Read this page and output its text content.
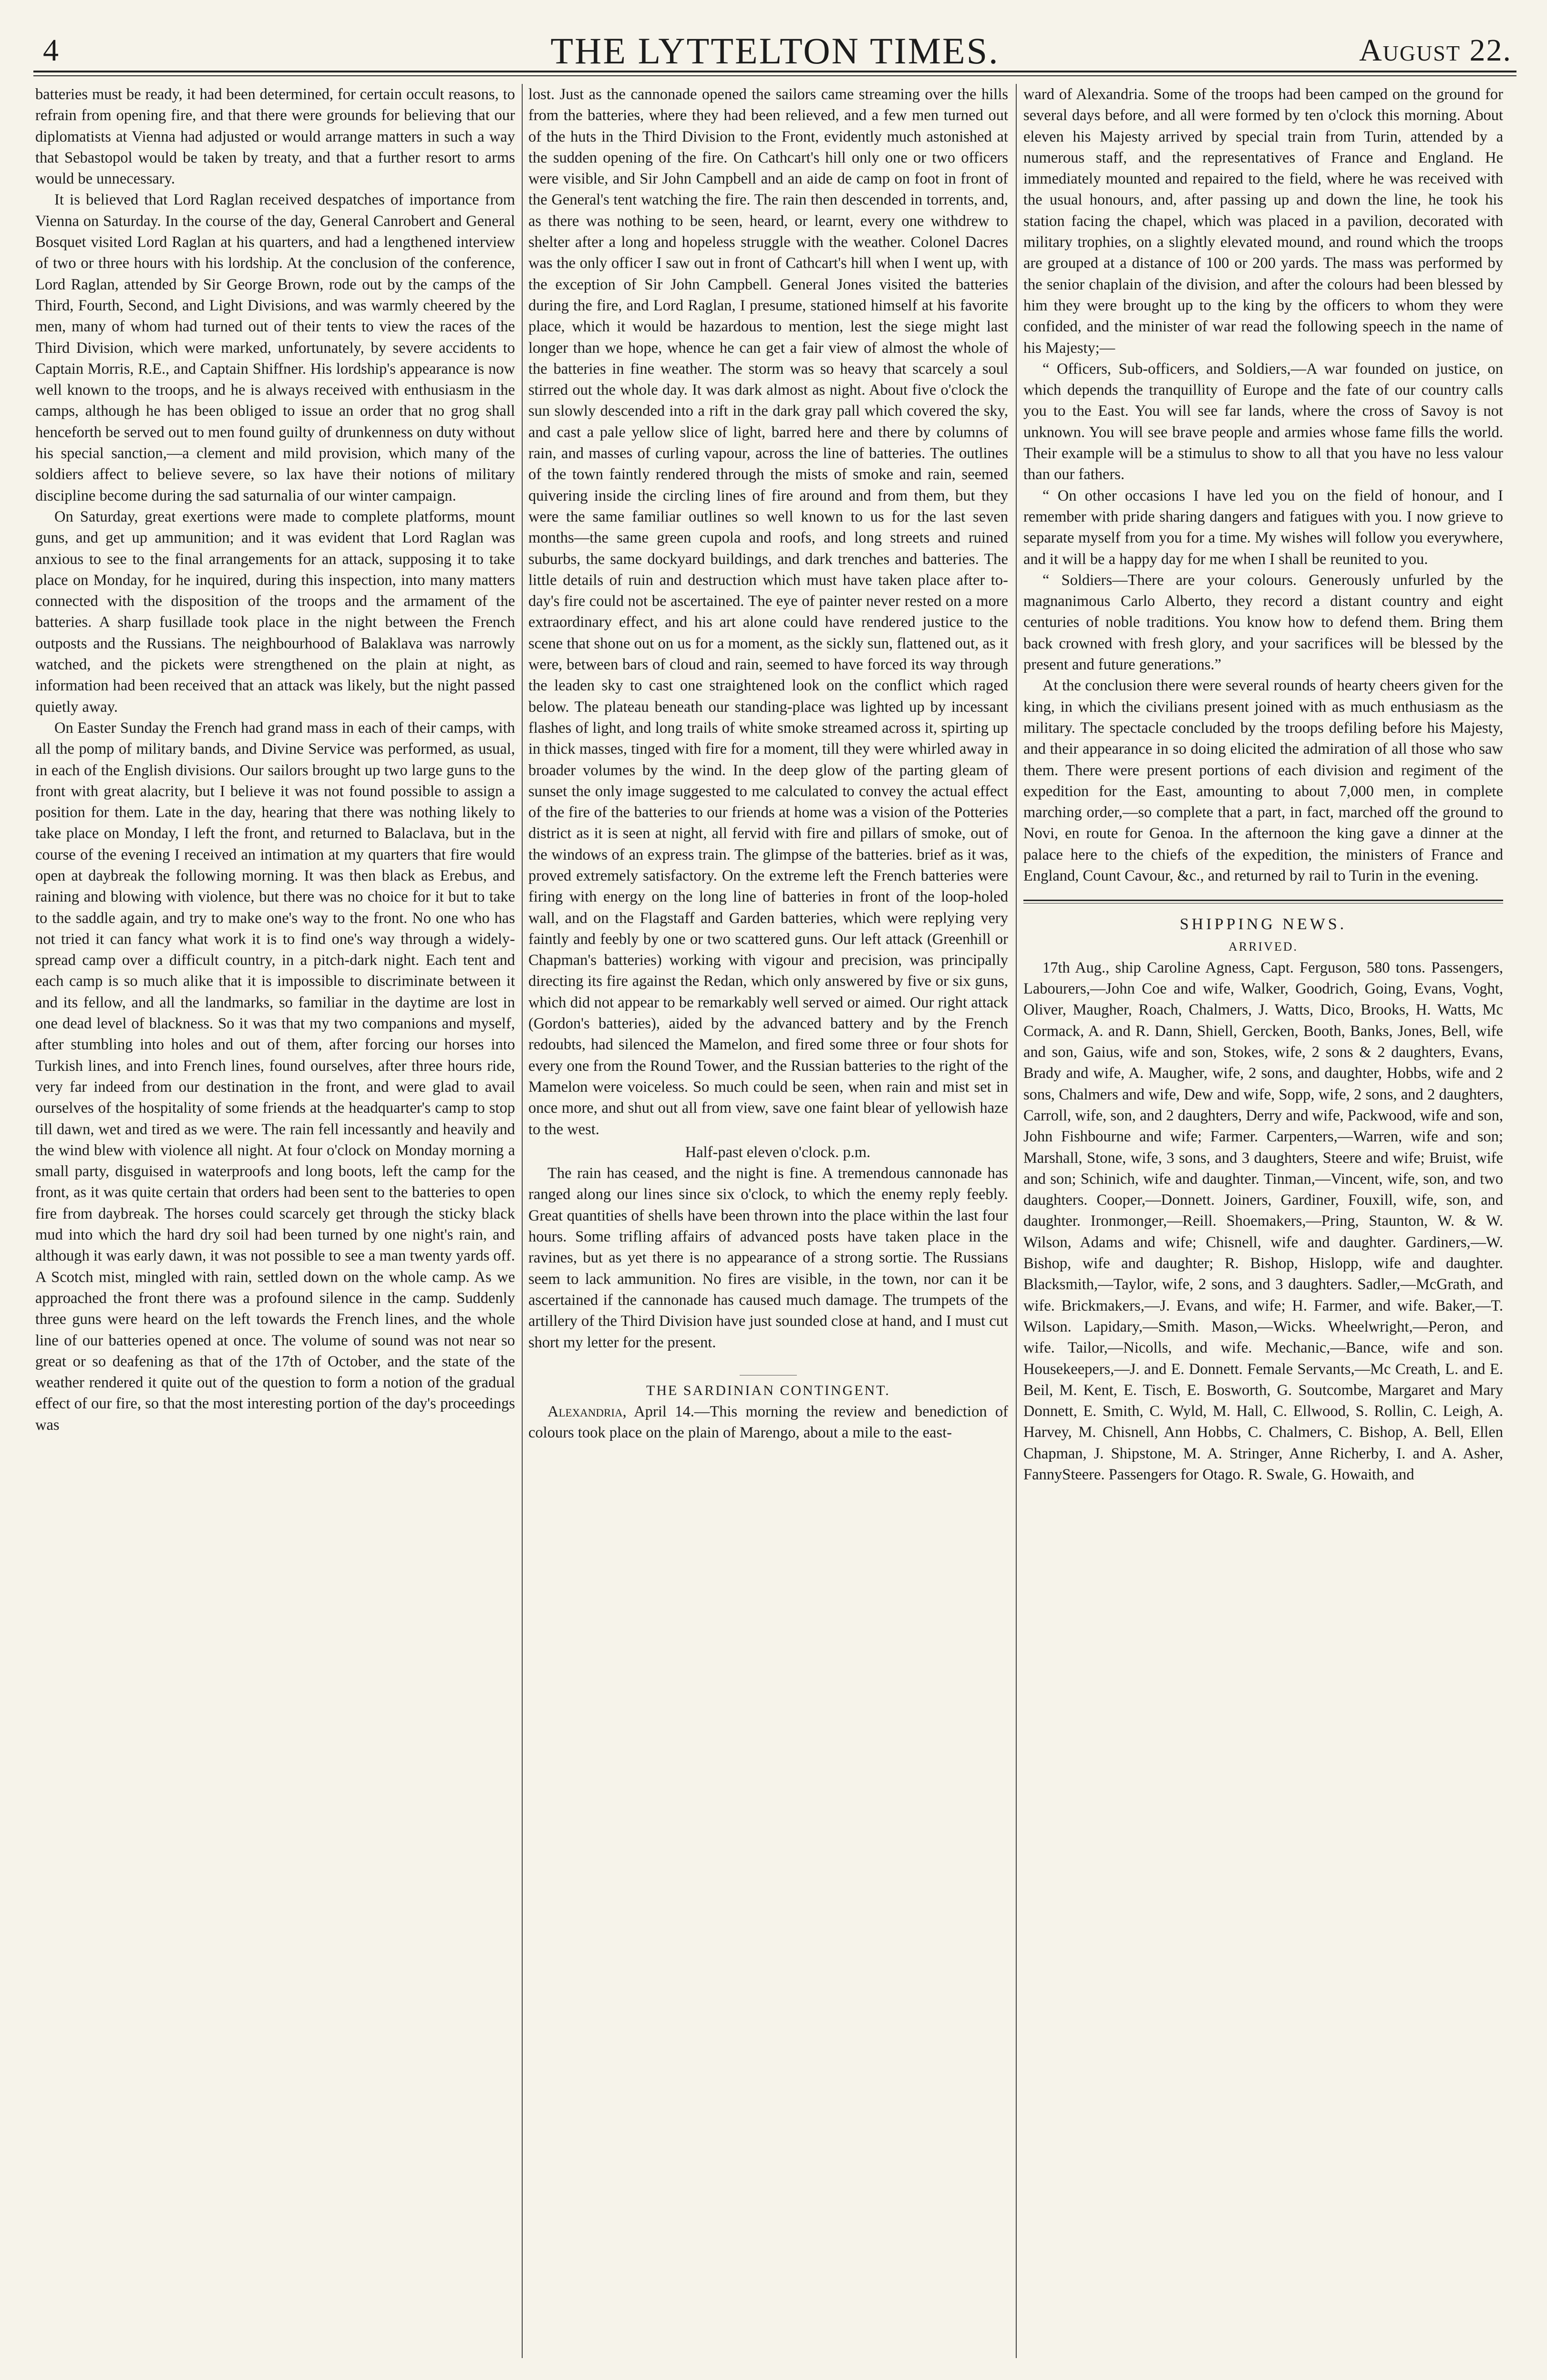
4	THE LYTTELTON TIMES.	August 22.

batteries must be ready, it had been determined, for certain occult reasons, to refrain from opening fire, and that there were grounds for believing that our diplomatists at Vienna had adjusted or would arrange matters in such a way that Sebastopol would be taken by treaty, and that a further resort to arms would be unnecessary.

It is believed that Lord Raglan received despatches of importance from Vienna on Saturday. In the course of the day, General Canrobert and General Bosquet visited Lord Raglan at his quarters, and had a lengthened interview of two or three hours with his lordship. At the conclusion of the conference, Lord Raglan, attended by Sir George Brown, rode out by the camps of the Third, Fourth, Second, and Light Divisions, and was warmly cheered by the men, many of whom had turned out of their tents to view the races of the Third Division, which were marked, unfortunately, by severe accidents to Captain Morris, R.E., and Captain Shiffner. His lordship's appearance is now well known to the troops, and he is always received with enthusiasm in the camps, although he has been obliged to issue an order that no grog shall henceforth be served out to men found guilty of drunkenness on duty without his special sanction,—a clement and mild provision, which many of the soldiers affect to believe severe, so lax have their notions of military discipline become during the sad saturnalia of our winter campaign.

On Saturday, great exertions were made to complete platforms, mount guns, and get up ammunition; and it was evident that Lord Raglan was anxious to see to the final arrangements for an attack, supposing it to take place on Monday, for he inquired, during this inspection, into many matters connected with the disposition of the troops and the armament of the batteries. A sharp fusillade took place in the night between the French outposts and the Russians. The neighbourhood of Balaklava was narrowly watched, and the pickets were strengthened on the plain at night, as information had been received that an attack was likely, but the night passed quietly away.

On Easter Sunday the French had grand mass in each of their camps, with all the pomp of military bands, and Divine Service was performed, as usual, in each of the English divisions. Our sailors brought up two large guns to the front with great alacrity, but I believe it was not found possible to assign a position for them. Late in the day, hearing that there was nothing likely to take place on Monday, I left the front, and returned to Balaclava, but in the course of the evening I received an intimation at my quarters that fire would open at daybreak the following morning. It was then black as Erebus, and raining and blowing with violence, but there was no choice for it but to take to the saddle again, and try to make one's way to the front. No one who has not tried it can fancy what work it is to find one's way through a widely-spread camp over a difficult country, in a pitch-dark night. Each tent and each camp is so much alike that it is impossible to discriminate between it and its fellow, and all the landmarks, so familiar in the daytime are lost in one dead level of blackness. So it was that my two companions and myself, after stumbling into holes and out of them, after forcing our horses into Turkish lines, and into French lines, found ourselves, after three hours ride, very far indeed from our destination in the front, and were glad to avail ourselves of the hospitality of some friends at the headquarter's camp to stop till dawn, wet and tired as we were. The rain fell incessantly and heavily and the wind blew with violence all night. At four o'clock on Monday morning a small party, disguised in waterproofs and long boots, left the camp for the front, as it was quite certain that orders had been sent to the batteries to open fire from daybreak. The horses could scarcely get through the sticky black mud into which the hard dry soil had been turned by one night's rain, and although it was early dawn, it was not possible to see a man twenty yards off. A Scotch mist, mingled with rain, settled down on the whole camp. As we approached the front there was a profound silence in the camp. Suddenly three guns were heard on the left towards the French lines, and the whole line of our batteries opened at once. The volume of sound was not near so great or so deafening as that of the 17th of October, and the state of the weather rendered it quite out of the question to form a notion of the gradual effect of our fire, so that the most interesting portion of the day's proceedings was

lost. Just as the cannonade opened the sailors came streaming over the hills from the batteries, where they had been relieved, and a few men turned out of the huts in the Third Division to the Front, evidently much astonished at the sudden opening of the fire. On Cathcart's hill only one or two officers were visible, and Sir John Campbell and an aide de camp on foot in front of the General's tent watching the fire. The rain then descended in torrents, and, as there was nothing to be seen, heard, or learnt, every one withdrew to shelter after a long and hopeless struggle with the weather. Colonel Dacres was the only officer I saw out in front of Cathcart's hill when I went up, with the exception of Sir John Campbell. General Jones visited the batteries during the fire, and Lord Raglan, I presume, stationed himself at his favorite place, which it would be hazardous to mention, lest the siege might last longer than we hope, whence he can get a fair view of almost the whole of the batteries in fine weather. The storm was so heavy that scarcely a soul stirred out the whole day. It was dark almost as night. About five o'clock the sun slowly descended into a rift in the dark gray pall which covered the sky, and cast a pale yellow slice of light, barred here and there by columns of rain, and masses of curling vapour, across the line of batteries. The outlines of the town faintly rendered through the mists of smoke and rain, seemed quivering inside the circling lines of fire around and from them, but they were the same familiar outlines so well known to us for the last seven months—the same green cupola and roofs, and long streets and ruined suburbs, the same dockyard buildings, and dark trenches and batteries. The little details of ruin and destruction which must have taken place after to-day's fire could not be ascertained. The eye of painter never rested on a more extraordinary effect, and his art alone could have rendered justice to the scene that shone out on us for a moment, as the sickly sun, flattened out, as it were, between bars of cloud and rain, seemed to have forced its way through the leaden sky to cast one straightened look on the conflict which raged below. The plateau beneath our standing-place was lighted up by incessant flashes of light, and long trails of white smoke streamed across it, spirting up in thick masses, tinged with fire for a moment, till they were whirled away in broader volumes by the wind. In the deep glow of the parting gleam of sunset the only image suggested to me calculated to convey the actual effect of the fire of the batteries to our friends at home was a vision of the Potteries district as it is seen at night, all fervid with fire and pillars of smoke, out of the windows of an express train. The glimpse of the batteries. brief as it was, proved extremely satisfactory. On the extreme left the French batteries were firing with energy on the long line of batteries in front of the loop-holed wall, and on the Flagstaff and Garden batteries, which were replying very faintly and feebly by one or two scattered guns. Our left attack (Greenhill or Chapman's batteries) working with vigour and precision, was principally directing its fire against the Redan, which only answered by five or six guns, which did not appear to be remarkably well served or aimed. Our right attack (Gordon's batteries), aided by the advanced battery and by the French redoubts, had silenced the Mamelon, and fired some three or four shots for every one from the Round Tower, and the Russian batteries to the right of the Mamelon were voiceless. So much could be seen, when rain and mist set in once more, and shut out all from view, save one faint blear of yellowish haze to the west.

Half-past eleven o'clock. p.m.

The rain has ceased, and the night is fine. A tremendous cannonade has ranged along our lines since six o'clock, to which the enemy reply feebly. Great quantities of shells have been thrown into the place within the last four hours. Some trifling affairs of advanced posts have taken place in the ravines, but as yet there is no appearance of a strong sortie. The Russians seem to lack ammunition. No fires are visible, in the town, nor can it be ascertained if the cannonade has caused much damage. The trumpets of the artillery of the Third Division have just sounded close at hand, and I must cut short my letter for the present.

THE SARDINIAN CONTINGENT.

Alexandria, April 14.—This morning the review and benediction of colours took place on the plain of Marengo, about a mile to the east-

ward of Alexandria. Some of the troops had been camped on the ground for several days before, and all were formed by ten o'clock this morning. About eleven his Majesty arrived by special train from Turin, attended by a numerous staff, and the representatives of France and England. He immediately mounted and repaired to the field, where he was received with the usual honours, and, after passing up and down the line, he took his station facing the chapel, which was placed in a pavilion, decorated with military trophies, on a slightly elevated mound, and round which the troops are grouped at a distance of 100 or 200 yards. The mass was performed by the senior chaplain of the division, and after the colours had been blessed by him they were brought up to the king by the officers to whom they were confided, and the minister of war read the following speech in the name of his Majesty;—

“ Officers, Sub-officers, and Soldiers,—A war founded on justice, on which depends the tranquillity of Europe and the fate of our country calls you to the East. You will see far lands, where the cross of Savoy is not unknown. You will see brave people and armies whose fame fills the world. Their example will be a stimulus to show to all that you have no less valour than our fathers.

“ On other occasions I have led you on the field of honour, and I remember with pride sharing dangers and fatigues with you. I now grieve to separate myself from you for a time. My wishes will follow you everywhere, and it will be a happy day for me when I shall be reunited to you.

“ Soldiers—There are your colours. Generously unfurled by the magnanimous Carlo Alberto, they record a distant country and eight centuries of noble traditions. You know how to defend them. Bring them back crowned with fresh glory, and your sacrifices will be blessed by the present and future generations.”

At the conclusion there were several rounds of hearty cheers given for the king, in which the civilians present joined with as much enthusiasm as the military. The spectacle concluded by the troops defiling before his Majesty, and their appearance in so doing elicited the admiration of all those who saw them. There were present portions of each division and regiment of the expedition for the East, amounting to about 7,000 men, in complete marching order,—so complete that a part, in fact, marched off the ground to Novi, en route for Genoa. In the afternoon the king gave a dinner at the palace here to the chiefs of the expedition, the ministers of France and England, Count Cavour, &c., and returned by rail to Turin in the evening.

SHIPPING NEWS.

ARRIVED.

17th Aug., ship Caroline Agness, Capt. Ferguson, 580 tons. Passengers, Labourers,—John Coe and wife, Walker, Goodrich, Going, Evans, Voght, Oliver, Maugher, Roach, Chalmers, J. Watts, Dico, Brooks, H. Watts, Mc Cormack, A. and R. Dann, Shiell, Gercken, Booth, Banks, Jones, Bell, wife and son, Gaius, wife and son, Stokes, wife, 2 sons & 2 daughters, Evans, Brady and wife, A. Maugher, wife, 2 sons, and daughter, Hobbs, wife and 2 sons, Chalmers and wife, Dew and wife, Sopp, wife, 2 sons, and 2 daughters, Carroll, wife, son, and 2 daughters, Derry and wife, Packwood, wife and son, John Fishbourne and wife; Farmer. Carpenters,—Warren, wife and son; Marshall, Stone, wife, 3 sons, and 3 daughters, Steere and wife; Bruist, wife and son; Schinich, wife and daughter. Tinman,—Vincent, wife, son, and two daughters. Cooper,—Donnett. Joiners, Gardiner, Fouxill, wife, son, and daughter. Ironmonger,—Reill. Shoemakers,—Pring, Staunton, W. & W. Wilson, Adams and wife; Chisnell, wife and daughter. Gardiners,—W. Bishop, wife and daughter; R. Bishop, Hislopp, wife and daughter. Blacksmith,—Taylor, wife, 2 sons, and 3 daughters. Sadler,—McGrath, and wife. Brickmakers,—J. Evans, and wife; H. Farmer, and wife. Baker,—T. Wilson. Lapidary,—Smith. Mason,—Wicks. Wheelwright,—Peron, and wife. Tailor,—Nicolls, and wife. Mechanic,—Bance, wife and son. Housekeepers,—J. and E. Donnett. Female Servants,—Mc Creath, L. and E. Beil, M. Kent, E. Tisch, E. Bosworth, G. Soutcombe, Margaret and Mary Donnett, E. Smith, C. Wyld, M. Hall, C. Ellwood, S. Rollin, C. Leigh, A. Harvey, M. Chisnell, Ann Hobbs, C. Chalmers, C. Bishop, A. Bell, Ellen Chapman, J. Shipstone, M. A. Stringer, Anne Richerby, I. and A. Asher, FannySteere. Passengers for Otago. R. Swale, G. Howaith, and
